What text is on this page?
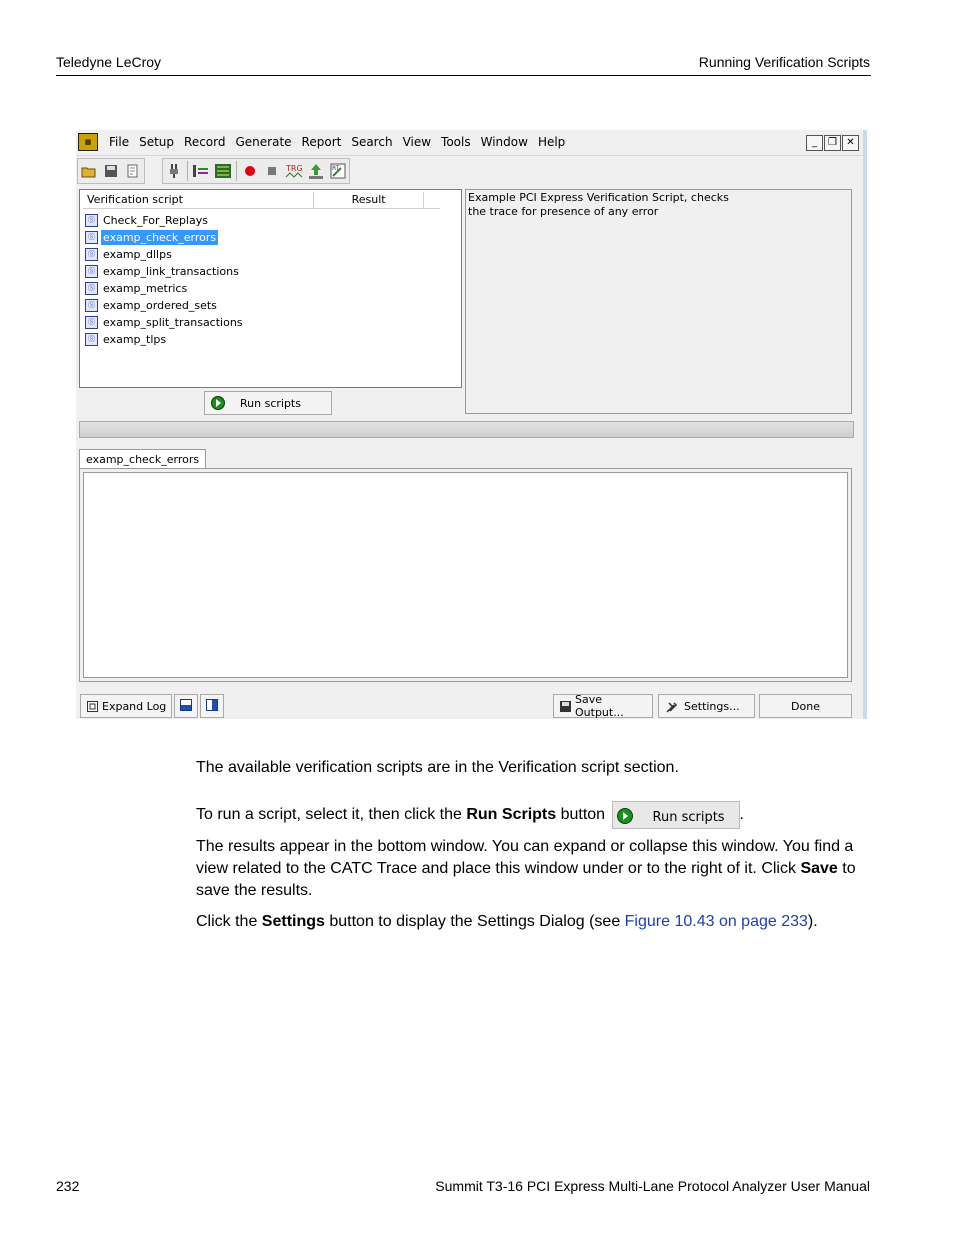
Teledyne LeCroy	Running Verification Scripts
▦	File Setup Record Generate Report Search View Tools Window Help	_	❐ ✕
TRG	RT
Verification script	Result
Ⓢ Check_For_Replays
Ⓢ examp_check_errors
Ⓢ examp_dllps
Ⓢ examp_link_transactions
Ⓢ examp_metrics
Ⓢ examp_ordered_sets
Ⓢ examp_split_transactions
Ⓢ examp_tlps
Run scripts
Example PCI Express Verification Script, checks the trace for presence of any error
examp_check_errors
Expand Log	Save Output...	Settings...	Done
The available verification scripts are in the Verification script section.
To run a script, select it, then click the Run Scripts button	Run scripts .
The results appear in the bottom window. You can expand or collapse this window. You find a view related to the CATC Trace and place this window under or to the right of it. Click Save to save the results.
Click the Settings button to display the Settings Dialog (see Figure 10.43 on page 233).
232	Summit T3-16 PCI Express Multi-Lane Protocol Analyzer User Manual
